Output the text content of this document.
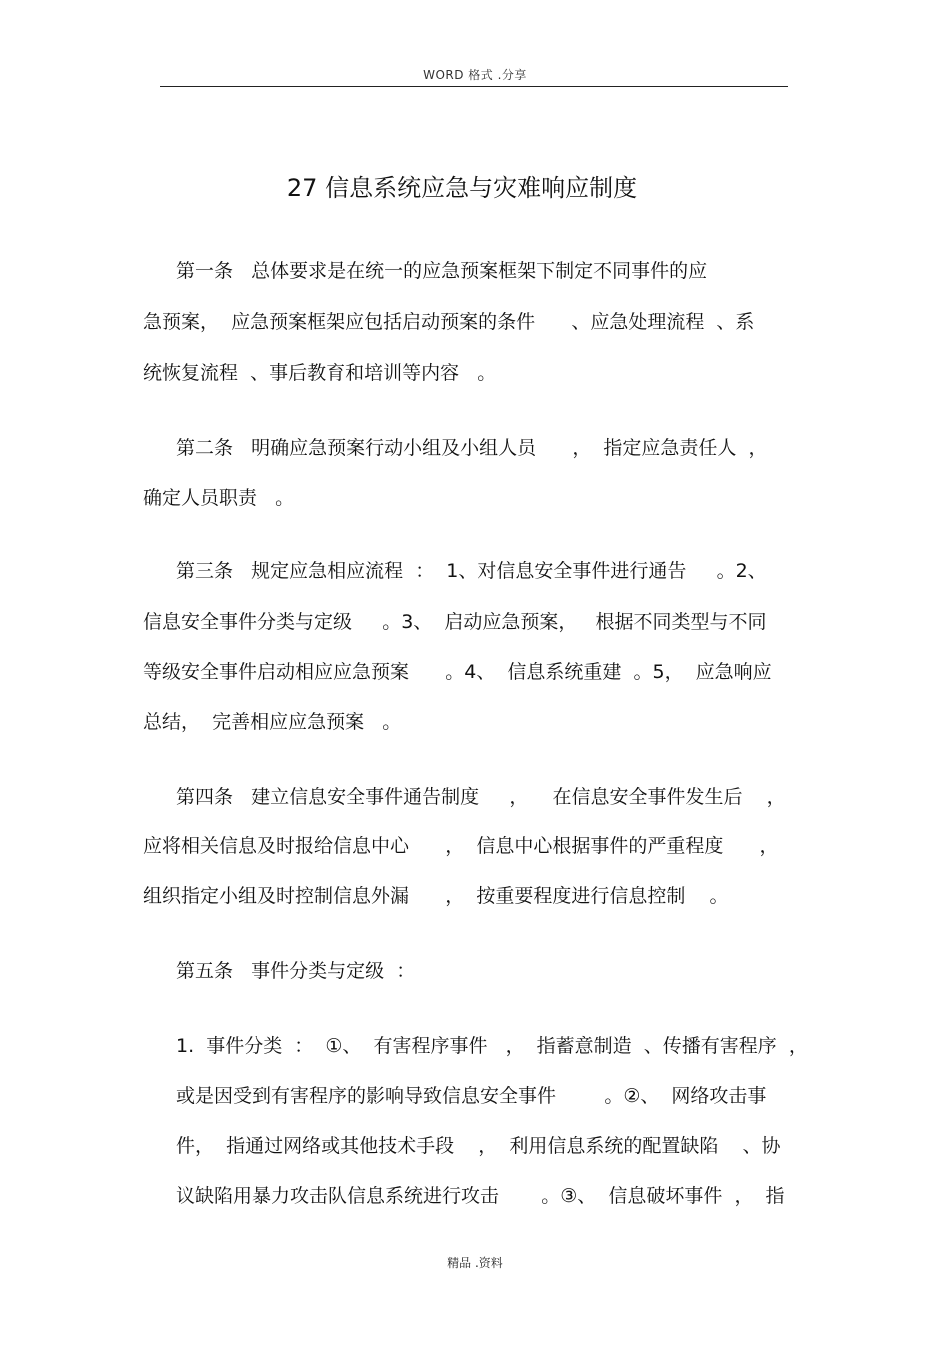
WORD 格式 .分享
27 信息系统应急与灾难响应制度
第一条   总体要求是在统一的应急预案框架下制定不同事件的应
急预案，  应急预案框架应包括启动预案的条件      、应急处理流程  、系
统恢复流程  、事后教育和培训等内容   。
第二条   明确应急预案行动小组及小组人员      ，  指定应急责任人  ，
确定人员职责   。
第三条   规定应急相应流程  ：  1、对信息安全事件进行通告     。2、
信息安全事件分类与定级     。3、  启动应急预案，   根据不同类型与不同
等级安全事件启动相应应急预案      。4、  信息系统重建  。5，  应急响应
总结，  完善相应应急预案   。
第四条   建立信息安全事件通告制度     ，    在信息安全事件发生后    ，
应将相关信息及时报给信息中心      ，  信息中心根据事件的严重程度      ，
组织指定小组及时控制信息外漏      ，  按重要程度进行信息控制    。
第五条   事件分类与定级  ：
1.  事件分类  ：  ①、  有害程序事件   ，  指蓄意制造  、传播有害程序  ，
或是因受到有害程序的影响导致信息安全事件        。②、  网络攻击事
件，  指通过网络或其他技术手段    ，  利用信息系统的配置缺陷    、协
议缺陷用暴力攻击队信息系统进行攻击       。③、  信息破坏事件  ，  指
精品 .资料
